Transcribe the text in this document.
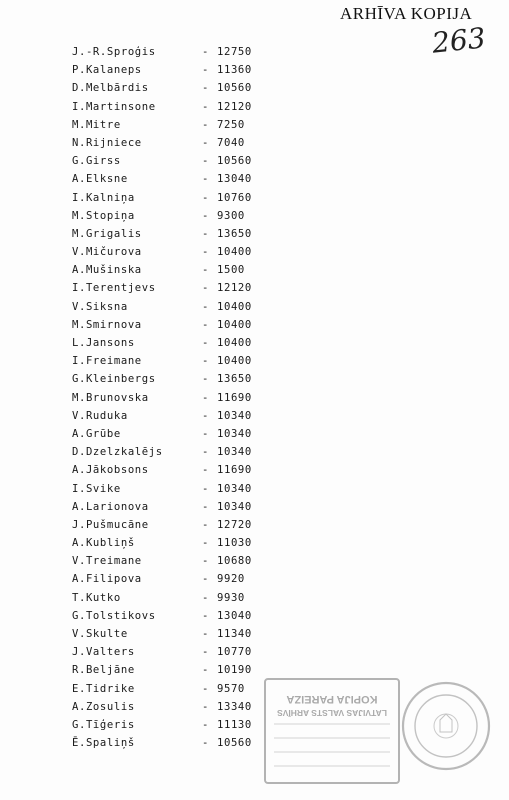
ARHĪVA KOPIJA
263
J.-R.Sproģis	- 12750
P.Kalaneps	- 11360
D.Melbārdis	- 10560
I.Martinsone	- 12120
M.Mitre	- 7250
N.Rijniece	- 7040
G.Girss	- 10560
A.Elksne	- 13040
I.Kalniņa	- 10760
M.Stopiņa	- 9300
M.Grigalis	- 13650
V.Mičurova	- 10400
A.Mušinska	- 1500
I.Terentjevs	- 12120
V.Siksna	- 10400
M.Smirnova	- 10400
L.Jansons	- 10400
I.Freimane	- 10400
G.Kleinbergs	- 13650
M.Brunovska	- 11690
V.Ruduka	- 10340
A.Grūbe	- 10340
D.Dzelzkalējs	- 10340
A.Jākobsons	- 11690
I.Svike	- 10340
A.Larionova	- 10340
J.Pušmucāne	- 12720
A.Kubliņš	- 11030
V.Treimane	- 10680
A.Filipova	- 9920
T.Kutko	- 9930
G.Tolstikovs	- 13040
V.Skulte	- 11340
J.Valters	- 10770
R.Beljāne	- 10190
E.Tidrike	- 9570
A.Zosulis	- 13340
G.Tīģeris	- 11130
Ē.Spaliņš	- 10560
KOPIJA PAREIZA
LATVIJAS VALSTS ARHĪVS
